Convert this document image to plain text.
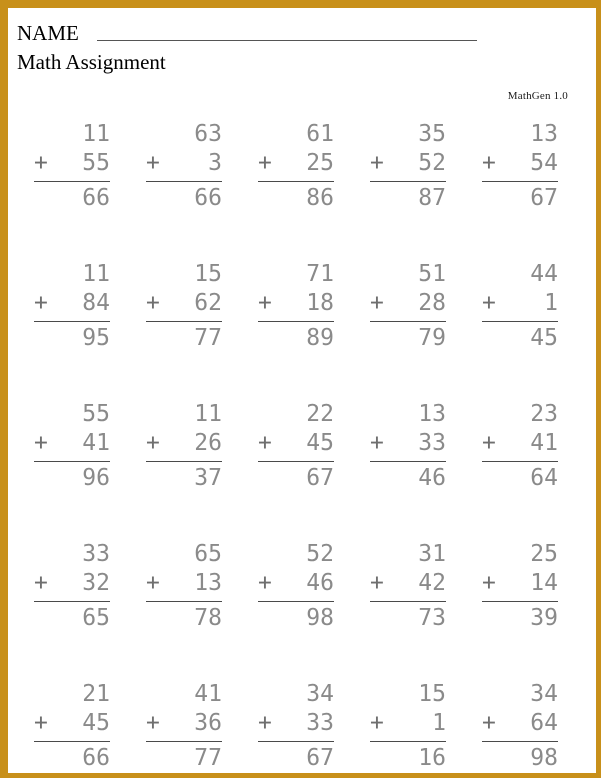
NAME
Math Assignment
MathGen 1.0
11
+ 55
66
63
+ 3
66
61
+ 25
86
35
+ 52
87
13
+ 54
67
11
+ 84
95
15
+ 62
77
71
+ 18
89
51
+ 28
79
44
+ 1
45
55
+ 41
96
11
+ 26
37
22
+ 45
67
13
+ 33
46
23
+ 41
64
33
+ 32
65
65
+ 13
78
52
+ 46
98
31
+ 42
73
25
+ 14
39
21
+ 45
66
41
+ 36
77
34
+ 33
67
15
+ 1
16
34
+ 64
98
